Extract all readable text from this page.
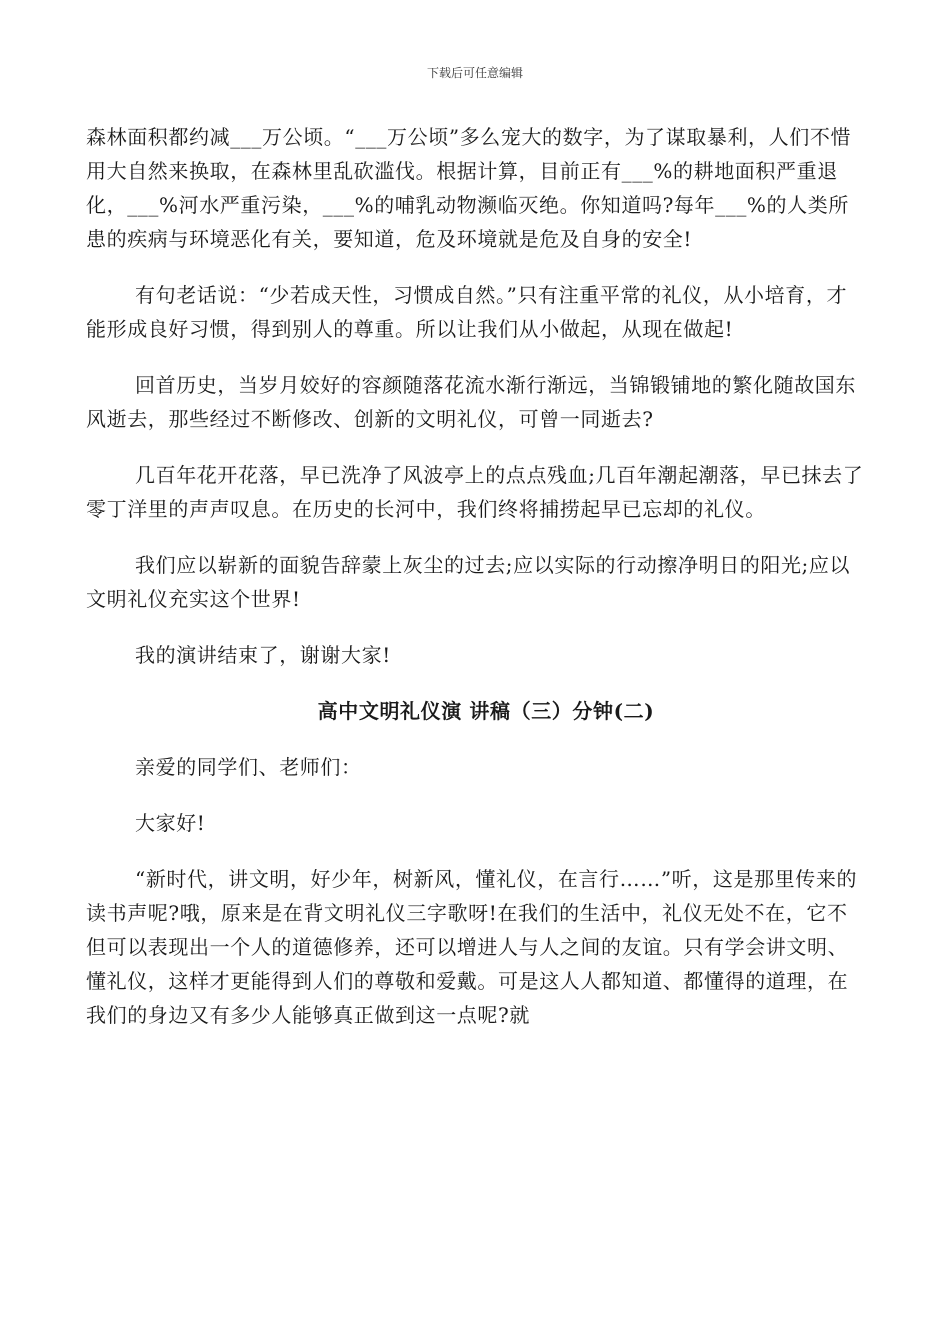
下载后可任意编辑

森林面积都约减___万公顷。“___万公顷”多么宠大的数字，为了谋取暴利，人们不惜用大自然来换取，在森林里乱砍滥伐。根据计算，目前正有___%的耕地面积严重退化，___%河水严重污染，___%的哺乳动物濒临灭绝。你知道吗?每年___%的人类所患的疾病与环境恶化有关，要知道，危及环境就是危及自身的安全!

有句老话说：“少若成天性，习惯成自然。”只有注重平常的礼仪，从小培育，才能形成良好习惯，得到别人的尊重。所以让我们从小做起，从现在做起!

回首历史，当岁月姣好的容颜随落花流水渐行渐远，当锦锻铺地的繁化随故国东风逝去，那些经过不断修改、创新的文明礼仪，可曾一同逝去?

几百年花开花落，早已洗净了风波亭上的点点残血;几百年潮起潮落，早已抹去了零丁洋里的声声叹息。在历史的长河中，我们终将捕捞起早已忘却的礼仪。

我们应以崭新的面貌告辞蒙上灰尘的过去;应以实际的行动擦净明日的阳光;应以文明礼仪充实这个世界!

我的演讲结束了，谢谢大家!

高中文明礼仪演 讲稿（三）分钟(二)

亲爱的同学们、老师们：

大家好!

“新时代，讲文明，好少年，树新风，懂礼仪，在言行……”听，这是那里传来的读书声呢?哦，原来是在背文明礼仪三字歌呀!在我们的生活中，礼仪无处不在，它不但可以表现出一个人的道德修养，还可以增进人与人之间的友谊。只有学会讲文明、懂礼仪，这样才更能得到人们的尊敬和爱戴。可是这人人都知道、都懂得的道理，在我们的身边又有多少人能够真正做到这一点呢?就
